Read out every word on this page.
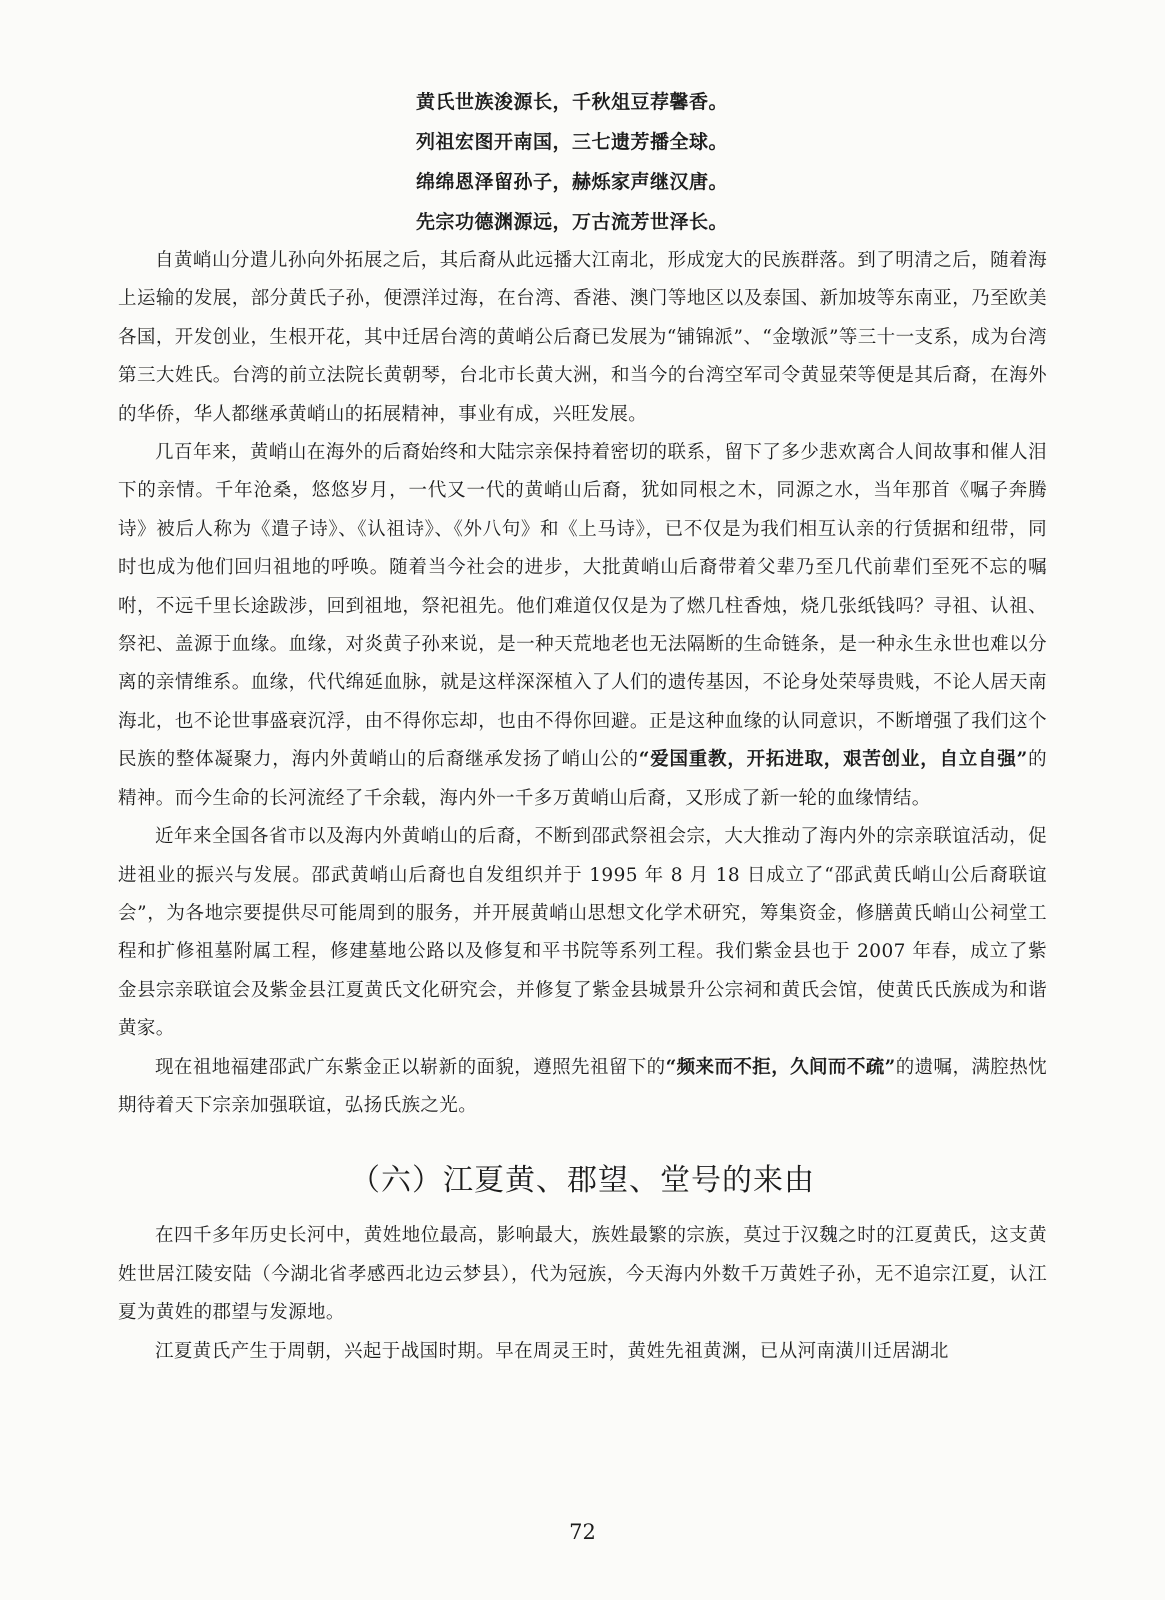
黄氏世族浚源长，千秋俎豆荐馨香。
列祖宏图开南国，三七遗芳播全球。
绵绵恩泽留孙子，赫烁家声继汉唐。
先宗功德渊源远，万古流芳世泽长。

自黄峭山分遣儿孙向外拓展之后，其后裔从此远播大江南北，形成宠大的民族群落。到了明清之后，随着海上运输的发展，部分黄氏子孙，便漂洋过海，在台湾、香港、澳门等地区以及泰国、新加坡等东南亚，乃至欧美各国，开发创业，生根开花，其中迁居台湾的黄峭公后裔已发展为“铺锦派”、“金墩派”等三十一支系，成为台湾第三大姓氏。台湾的前立法院长黄朝琴，台北市长黄大洲，和当今的台湾空军司令黄显荣等便是其后裔，在海外的华侨，华人都继承黄峭山的拓展精神，事业有成，兴旺发展。

几百年来，黄峭山在海外的后裔始终和大陆宗亲保持着密切的联系，留下了多少悲欢离合人间故事和催人泪下的亲情。千年沧桑，悠悠岁月，一代又一代的黄峭山后裔，犹如同根之木，同源之水，当年那首《嘱子奔腾诗》被后人称为《遣子诗》、《认祖诗》、《外八句》和《上马诗》，已不仅是为我们相互认亲的行赁据和纽带，同时也成为他们回归祖地的呼唤。随着当今社会的进步，大批黄峭山后裔带着父辈乃至几代前辈们至死不忘的嘱咐，不远千里长途跋涉，回到祖地，祭祀祖先。他们难道仅仅是为了燃几柱香烛，烧几张纸钱吗？寻祖、认祖、祭祀、盖源于血缘。血缘，对炎黄子孙来说，是一种天荒地老也无法隔断的生命链条，是一种永生永世也难以分离的亲情维系。血缘，代代绵延血脉，就是这样深深植入了人们的遗传基因，不论身处荣辱贵贱，不论人居天南海北，也不论世事盛衰沉浮，由不得你忘却，也由不得你回避。正是这种血缘的认同意识，不断增强了我们这个民族的整体凝聚力，海内外黄峭山的后裔继承发扬了峭山公的“爱国重教，开拓进取，艰苦创业，自立自强”的精神。而今生命的长河流经了千余载，海内外一千多万黄峭山后裔，又形成了新一轮的血缘情结。

近年来全国各省市以及海内外黄峭山的后裔，不断到邵武祭祖会宗，大大推动了海内外的宗亲联谊活动，促进祖业的振兴与发展。邵武黄峭山后裔也自发组织并于 1995 年 8 月 18 日成立了“邵武黄氏峭山公后裔联谊会”，为各地宗要提供尽可能周到的服务，并开展黄峭山思想文化学术研究，筹集资金，修膳黄氏峭山公祠堂工程和扩修祖墓附属工程，修建墓地公路以及修复和平书院等系列工程。我们紫金县也于 2007 年春，成立了紫金县宗亲联谊会及紫金县江夏黄氏文化研究会，并修复了紫金县城景升公宗祠和黄氏会馆，使黄氏氏族成为和谐黄家。

现在祖地福建邵武广东紫金正以崭新的面貌，遵照先祖留下的“频来而不拒，久间而不疏”的遗嘱，满腔热忱期待着天下宗亲加强联谊，弘扬氏族之光。

（六）江夏黄、郡望、堂号的来由

在四千多年历史长河中，黄姓地位最高，影响最大，族姓最繁的宗族，莫过于汉魏之时的江夏黄氏，这支黄姓世居江陵安陆（今湖北省孝感西北边云梦县），代为冠族，今天海内外数千万黄姓子孙，无不追宗江夏，认江夏为黄姓的郡望与发源地。

江夏黄氏产生于周朝，兴起于战国时期。早在周灵王时，黄姓先祖黄渊，已从河南潢川迁居湖北

72
